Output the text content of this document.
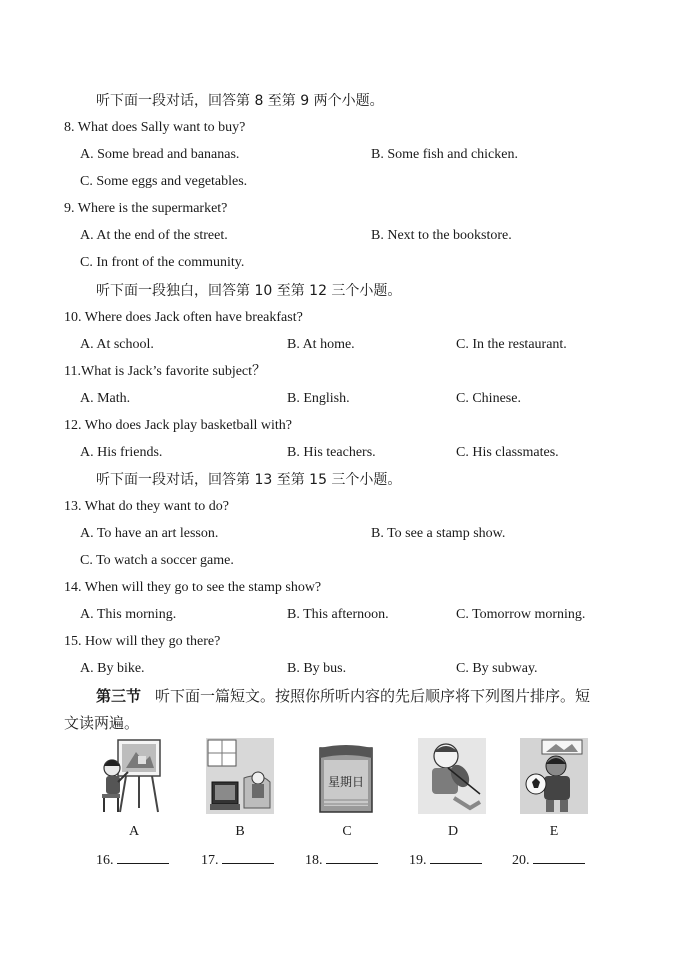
听下面一段对话，回答第 8 至第 9 两个小题。
8. What does Sally want to buy?
A. Some bread and bananas.	B. Some fish and chicken.
C. Some eggs and vegetables.
9. Where is the supermarket?
A. At the end of the street.	B. Next to the bookstore.
C. In front of the community.
听下面一段独白，回答第 10 至第 12 三个小题。
10. Where does Jack often have breakfast?
A. At school.	B. At home.	C. In the restaurant.
11.What is Jack’s favorite subject？
A. Math.	B. English.	C. Chinese.
12. Who does Jack play basketball with?
A. His friends.	B. His teachers.	C. His classmates.
听下面一段对话，回答第 13 至第 15 三个小题。
13. What do they want to do?
A. To have an art lesson.	B. To see a stamp show.
C. To watch a soccer game.
14. When will they go to see the stamp show?
A. This morning.	B. This afternoon.	C. Tomorrow morning.
15. How will they go there?
A. By bike.	B. By bus.	C. By subway.
第三节 听下面一篇短文。按照你所听内容的先后顺序将下列图片排序。短
文读两遍。
星期日
A	B	C	D	E
16.	17.	18.	19.	20.
